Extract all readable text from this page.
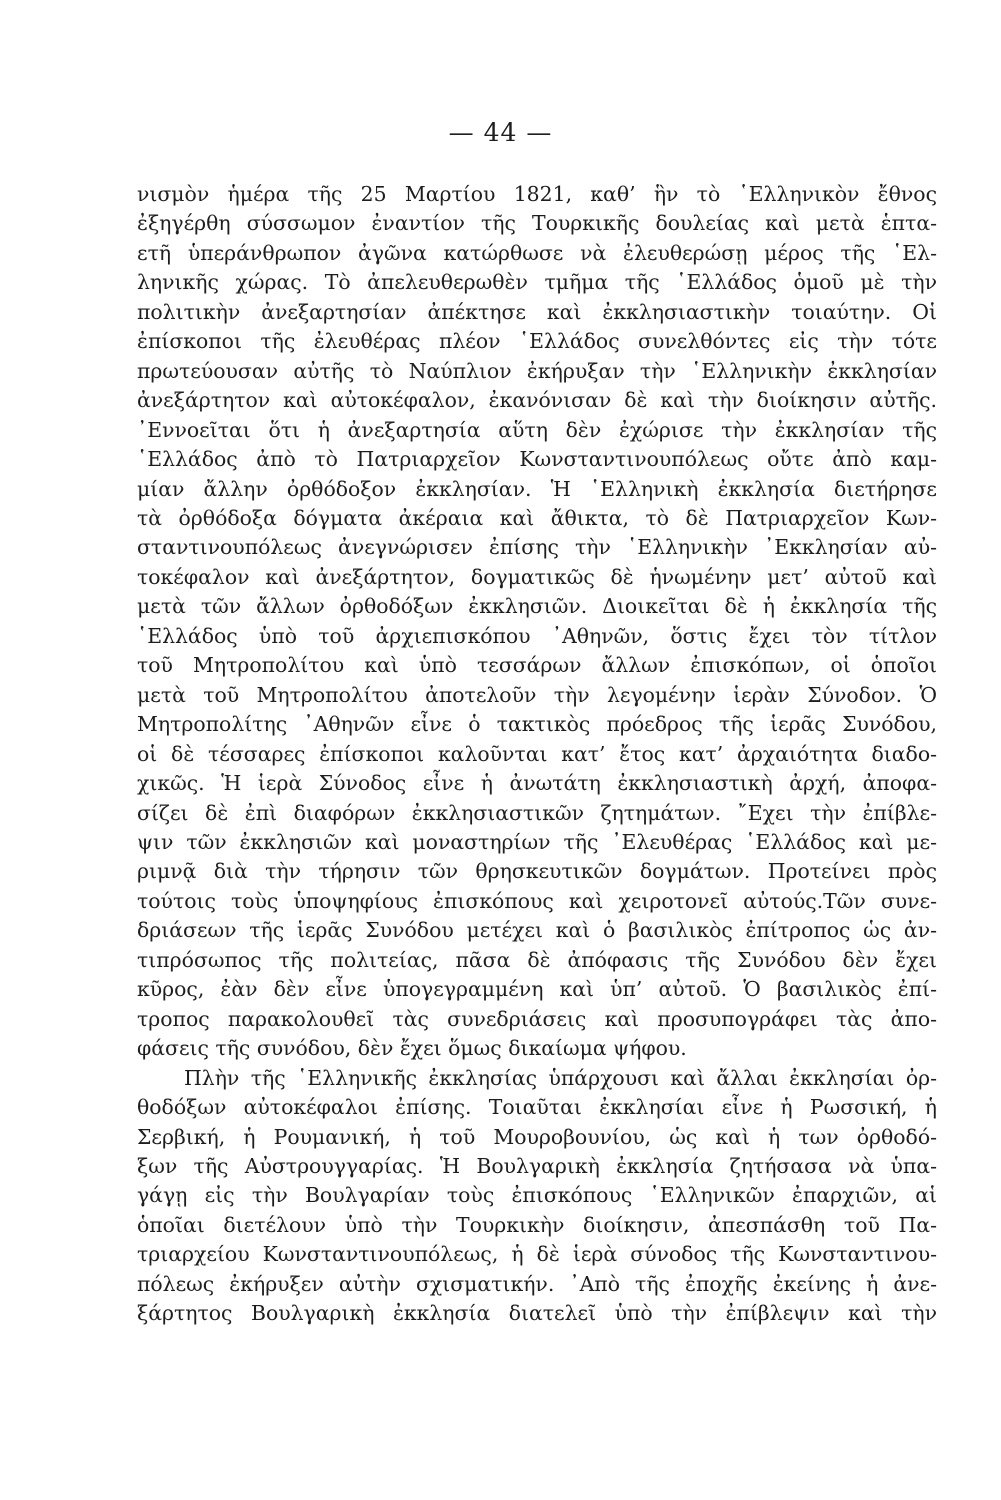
— 44 —
νισμὸν ἡμέρα τῆς 25 Μαρτίου 1821, καθ’ ἣν τὸ ῾Ελληνικὸν ἔθνος
ἐξηγέρθη σύσσωμον ἐναντίον τῆς Τουρκικῆς δουλείας καὶ μετὰ ἑπτα-
ετῆ ὑπεράνθρωπον ἀγῶνα κατώρθωσε νὰ ἐλευθερώσῃ μέρος τῆς ῾Ελ-
ληνικῆς χώρας. Τὸ ἀπελευθερωθὲν τμῆμα τῆς ῾Ελλάδος ὁμοῦ μὲ τὴν
πολιτικὴν ἀνεξαρτησίαν ἀπέκτησε καὶ ἐκκλησιαστικὴν τοιαύτην. Οἱ
ἐπίσκοποι τῆς ἐλευθέρας πλέον ῾Ελλάδος συνελθόντες εἰς τὴν τότε
πρωτεύουσαν αὐτῆς τὸ Ναύπλιον ἐκήρυξαν τὴν ῾Ελληνικὴν ἐκκλησίαν
ἀνεξάρτητον καὶ αὐτοκέφαλον, ἐκανόνισαν δὲ καὶ τὴν διοίκησιν αὐτῆς.
᾿Εννοεῖται ὅτι ἡ ἀνεξαρτησία αὕτη δὲν ἐχώρισε τὴν ἐκκλησίαν τῆς
῾Ελλάδος ἀπὸ τὸ Πατριαρχεῖον Κωνσταντινουπόλεως οὔτε ἀπὸ καμ-
μίαν ἄλλην ὀρθόδοξον ἐκκλησίαν. Ἡ ῾Ελληνικὴ ἐκκλησία διετήρησε
τὰ ὀρθόδοξα δόγματα ἀκέραια καὶ ἄθικτα, τὸ δὲ Πατριαρχεῖον Κων-
σταντινουπόλεως ἀνεγνώρισεν ἐπίσης τὴν ῾Ελληνικὴν ᾿Εκκλησίαν αὐ-
τοκέφαλον καὶ ἀνεξάρτητον, δογματικῶς δὲ ἡνωμένην μετ’ αὐτοῦ καὶ
μετὰ τῶν ἄλλων ὀρθοδόξων ἐκκλησιῶν. Διοικεῖται δὲ ἡ ἐκκλησία τῆς
῾Ελλάδος ὑπὸ τοῦ ἀρχιεπισκόπου ᾿Αθηνῶν, ὅστις ἔχει τὸν τίτλον
τοῦ Μητροπολίτου καὶ ὑπὸ τεσσάρων ἄλλων ἐπισκόπων, οἱ ὁποῖοι
μετὰ τοῦ Μητροπολίτου ἀποτελοῦν τὴν λεγομένην ἱερὰν Σύνοδον. Ὁ
Μητροπολίτης ᾿Αθηνῶν εἶνε ὁ τακτικὸς πρόεδρος τῆς ἱερᾶς Συνόδου,
οἱ δὲ τέσσαρες ἐπίσκοποι καλοῦνται κατ’ ἔτος κατ’ ἀρχαιότητα διαδο-
χικῶς. Ἡ ἱερὰ Σύνοδος εἶνε ἡ ἀνωτάτη ἐκκλησιαστικὴ ἀρχή, ἀποφα-
σίζει δὲ ἐπὶ διαφόρων ἐκκλησιαστικῶν ζητημάτων. ῎Εχει τὴν ἐπίβλε-
ψιν τῶν ἐκκλησιῶν καὶ μοναστηρίων τῆς ᾿Ελευθέρας ῾Ελλάδος καὶ με-
ριμνᾷ διὰ τὴν τήρησιν τῶν θρησκευτικῶν δογμάτων. Προτείνει πρὸς
τούτοις τοὺς ὑποψηφίους ἐπισκόπους καὶ χειροτονεῖ αὐτούς.Τῶν συνε-
δριάσεων τῆς ἱερᾶς Συνόδου μετέχει καὶ ὁ βασιλικὸς ἐπίτροπος ὡς ἀν-
τιπρόσωπος τῆς πολιτείας, πᾶσα δὲ ἀπόφασις τῆς Συνόδου δὲν ἔχει
κῦρος, ἐὰν δὲν εἶνε ὑπογεγραμμένη καὶ ὑπ’ αὐτοῦ. Ὁ βασιλικὸς ἐπί-
τροπος παρακολουθεῖ τὰς συνεδριάσεις καὶ προσυπογράφει τὰς ἀπο-
φάσεις τῆς συνόδου, δὲν ἔχει ὅμως δικαίωμα ψήφου.
Πλὴν τῆς ῾Ελληνικῆς ἐκκλησίας ὑπάρχουσι καὶ ἄλλαι ἐκκλησίαι ὀρ-
θοδόξων αὐτοκέφαλοι ἐπίσης. Τοιαῦται ἐκκλησίαι εἶνε ἡ Ρωσσική, ἡ
Σερβική, ἡ Ρουμανική, ἡ τοῦ Μουροβουνίου, ὡς καὶ ἡ των ὀρθοδό-
ξων τῆς Αὐστρουγγαρίας. Ἡ Βουλγαρικὴ ἐκκλησία ζητήσασα νὰ ὑπα-
γάγῃ εἰς τὴν Βουλγαρίαν τοὺς ἐπισκόπους ῾Ελληνικῶν ἐπαρχιῶν, αἱ
ὁποῖαι διετέλουν ὑπὸ τὴν Τουρκικὴν διοίκησιν, ἀπεσπάσθη τοῦ Πα-
τριαρχείου Κωνσταντινουπόλεως, ἡ δὲ ἱερὰ σύνοδος τῆς Κωνσταντινου-
πόλεως ἐκήρυξεν αὐτὴν σχισματικήν. ᾿Απὸ τῆς ἐποχῆς ἐκείνης ἡ ἀνε-
ξάρτητος Βουλγαρικὴ ἐκκλησία διατελεῖ ὑπὸ τὴν ἐπίβλεψιν καὶ τὴν
